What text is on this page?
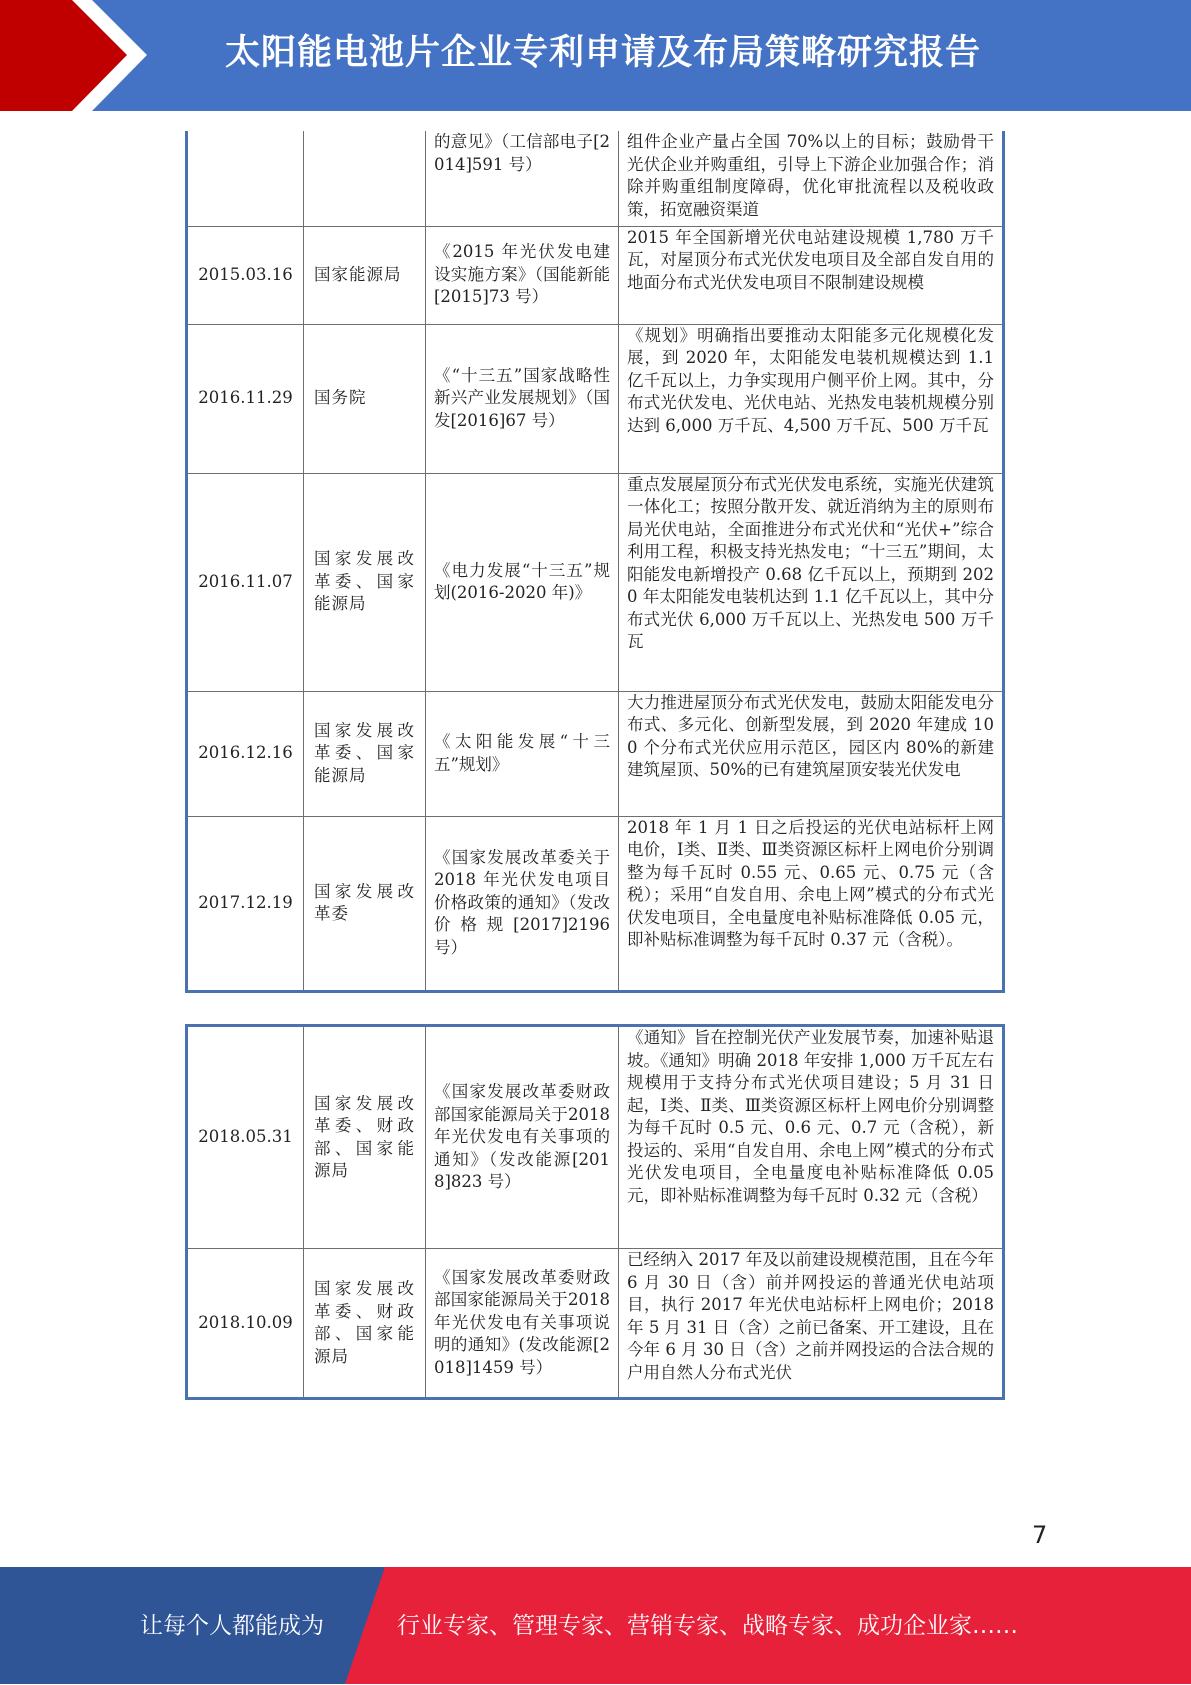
太阳能电池片企业专利申请及布局策略研究报告
		的意见》（工信部电子[2014]591 号）	组件企业产量占全国 70%以上的目标；鼓励骨干光伏企业并购重组，引导上下游企业加强合作；消除并购重组制度障碍，优化审批流程以及税收政策，拓宽融资渠道
2015.03.16	国家能源局	《2015 年光伏发电建设实施方案》（国能新能[2015]73 号）	2015 年全国新增光伏电站建设规模 1,780 万千瓦，对屋顶分布式光伏发电项目及全部自发自用的地面分布式光伏发电项目不限制建设规模
2016.11.29	国务院	《“十三五”国家战略性新兴产业发展规划》（国发[2016]67 号）	《规划》明确指出要推动太阳能多元化规模化发展，到 2020 年，太阳能发电装机规模达到 1.1 亿千瓦以上，力争实现用户侧平价上网。其中，分布式光伏发电、光伏电站、光热发电装机规模分别达到 6,000 万千瓦、4,500 万千瓦、500 万千瓦
2016.11.07	国家发展改革委、国家能源局	《电力发展“十三五”规划(2016-2020 年)》	重点发展屋顶分布式光伏发电系统，实施光伏建筑一体化工；按照分散开发、就近消纳为主的原则布局光伏电站，全面推进分布式光伏和“光伏+”综合利用工程，积极支持光热发电；“十三五”期间，太阳能发电新增投产 0.68 亿千瓦以上，预期到 2020 年太阳能发电装机达到 1.1 亿千瓦以上，其中分布式光伏 6,000 万千瓦以上、光热发电 500 万千瓦
2016.12.16	国家发展改革委、国家能源局	《太阳能发展“十三五”规划》	大力推进屋顶分布式光伏发电，鼓励太阳能发电分布式、多元化、创新型发展，到 2020 年建成 100 个分布式光伏应用示范区，园区内 80%的新建建筑屋顶、50%的已有建筑屋顶安装光伏发电
2017.12.19	国家发展改革委	《国家发展改革委关于 2018 年光伏发电项目价格政策的通知》（发改价格规[2017]2196 号）	2018 年 1 月 1 日之后投运的光伏电站标杆上网电价，Ⅰ类、Ⅱ类、Ⅲ类资源区标杆上网电价分别调整为每千瓦时 0.55 元、0.65 元、0.75 元（含税）；采用“自发自用、余电上网”模式的分布式光伏发电项目，全电量度电补贴标准降低 0.05 元，即补贴标准调整为每千瓦时 0.37 元（含税）。
2018.05.31	国家发展改革委、财政部、国家能源局	《国家发展改革委财政部国家能源局关于2018 年光伏发电有关事项的通知》（发改能源[2018]823 号）	《通知》旨在控制光伏产业发展节奏，加速补贴退坡。《通知》明确 2018 年安排 1,000 万千瓦左右规模用于支持分布式光伏项目建设；5 月 31 日起，Ⅰ类、Ⅱ类、Ⅲ类资源区标杆上网电价分别调整为每千瓦时 0.5 元、0.6 元、0.7 元（含税），新投运的、采用“自发自用、余电上网”模式的分布式光伏发电项目，全电量度电补贴标准降低 0.05 元，即补贴标准调整为每千瓦时 0.32 元（含税）
2018.10.09	国家发展改革委、财政部、国家能源局	《国家发展改革委财政部国家能源局关于2018 年光伏发电有关事项说明的通知》(发改能源[2018]1459 号）	已经纳入 2017 年及以前建设规模范围，且在今年 6 月 30 日（含）前并网投运的普通光伏电站项目，执行 2017 年光伏电站标杆上网电价；2018 年 5 月 31 日（含）之前已备案、开工建设，且在今年 6 月 30 日（含）之前并网投运的合法合规的户用自然人分布式光伏
7
让每个人都能成为	行业专家、管理专家、营销专家、战略专家、成功企业家……
